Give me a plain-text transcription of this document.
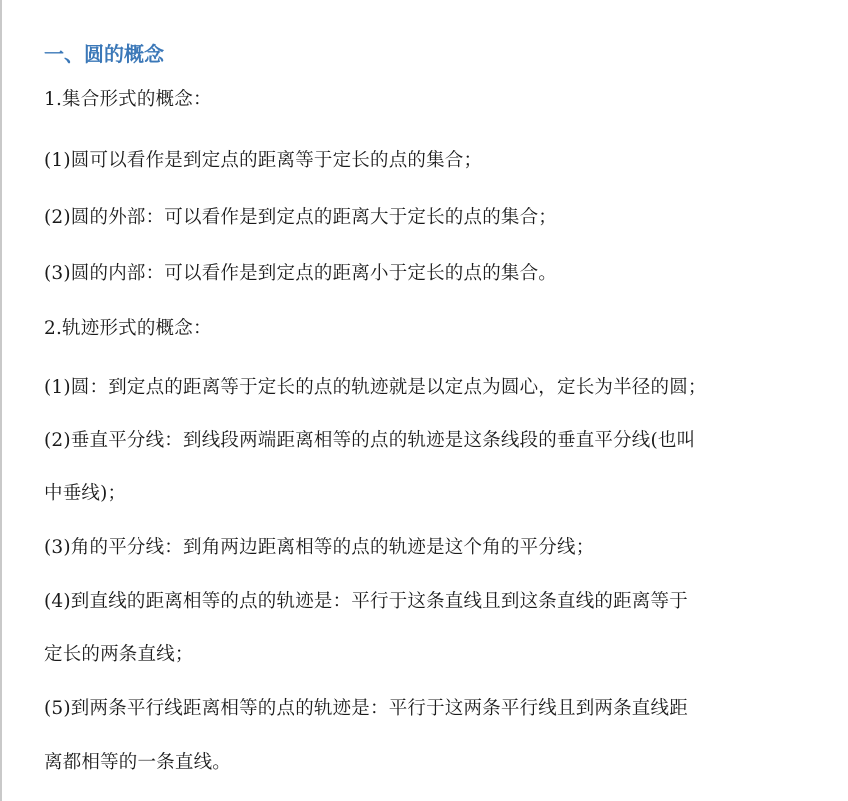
一、圆的概念
1.集合形式的概念：
(1)圆可以看作是到定点的距离等于定长的点的集合；
(2)圆的外部：可以看作是到定点的距离大于定长的点的集合；
(3)圆的内部：可以看作是到定点的距离小于定长的点的集合。
2.轨迹形式的概念：
(1)圆：到定点的距离等于定长的点的轨迹就是以定点为圆心，定长为半径的圆；
(2)垂直平分线：到线段两端距离相等的点的轨迹是这条线段的垂直平分线(也叫
中垂线)；
(3)角的平分线：到角两边距离相等的点的轨迹是这个角的平分线；
(4)到直线的距离相等的点的轨迹是：平行于这条直线且到这条直线的距离等于
定长的两条直线；
(5)到两条平行线距离相等的点的轨迹是：平行于这两条平行线且到两条直线距
离都相等的一条直线。
